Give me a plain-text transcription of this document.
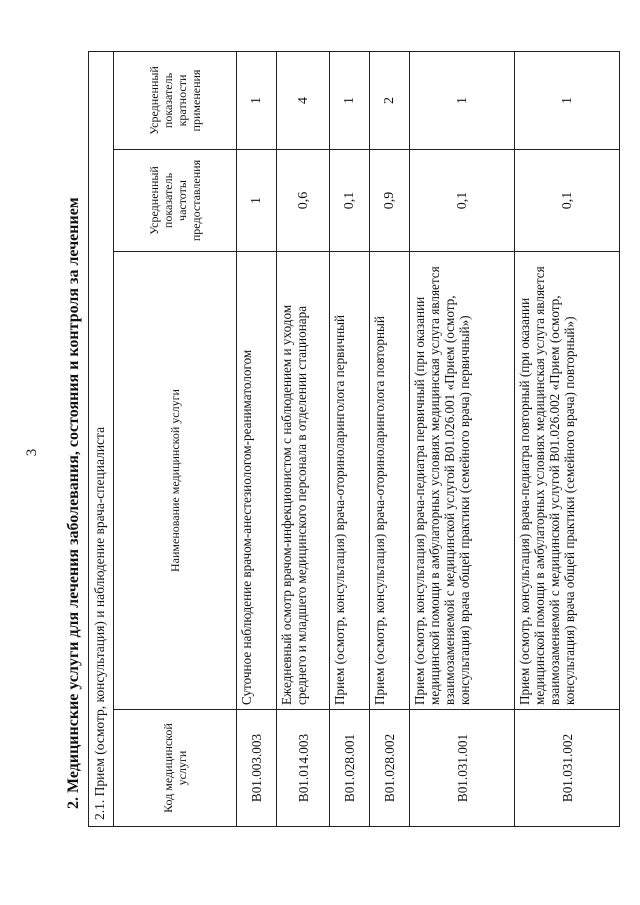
3 2. Медицинские услуги для лечения заболевания, состояния и контроля за лечением 2.1. Прием (осмотр, консультация) и наблюдение врача-специалиста			
Код медицинской услуги	Наименование медицинской услуги	Усредненный показатель частоты предоставления	Усредненный показатель кратности применения
B01.003.003	Суточное наблюдение врачом-анестезиологом-реаниматологом	1	1
B01.014.003	Ежедневный осмотр врачом-инфекционистом с наблюдением и уходом среднего и младшего медицинского персонала в отделении стационара	0,6	4
B01.028.001	Прием (осмотр, консультация) врача-оториноларинголога первичный	0,1	1
B01.028.002	Прием (осмотр, консультация) врача-оториноларинголога повторный	0,9	2
B01.031.001	Прием (осмотр, консультация) врача-педиатра первичный (при оказании медицинской помощи в амбулаторных условиях медицинская услуга является взаимозаменяемой с медицинской услугой B01.026.001 «Прием (осмотр, консультация) врача общей практики (семейного врача) первичный»)	0,1	1
B01.031.002	Прием (осмотр, консультация) врача-педиатра повторный (при оказании медицинской помощи в амбулаторных условиях медицинская услуга является взаимозаменяемой с медицинской услугой B01.026.002 «Прием (осмотр, консультация) врача общей практики (семейного врача) повторный»)	0,1	1
